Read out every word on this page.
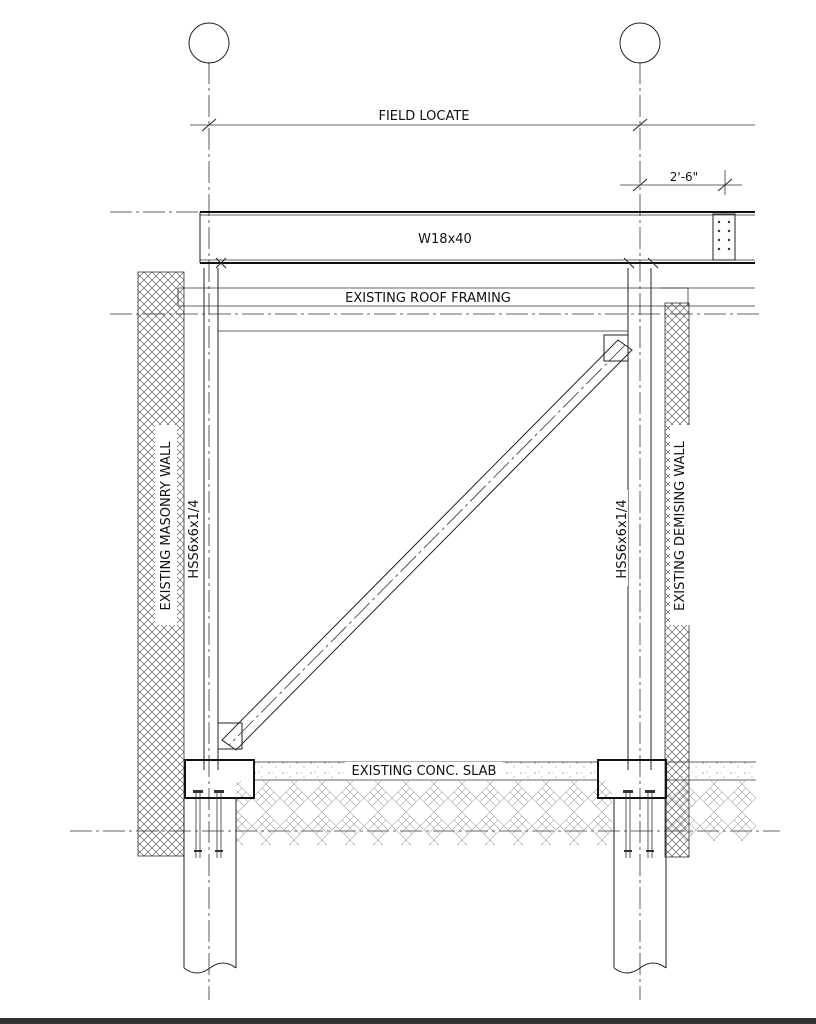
FIELD LOCATE
2'-6"
W18x40
EXISTING ROOF FRAMING
EXISTING MASONRY WALL	EXISTING DEMISING WALL
HSS6x6x1/4	HSS6x6x1/4
EXISTING CONC. SLAB
